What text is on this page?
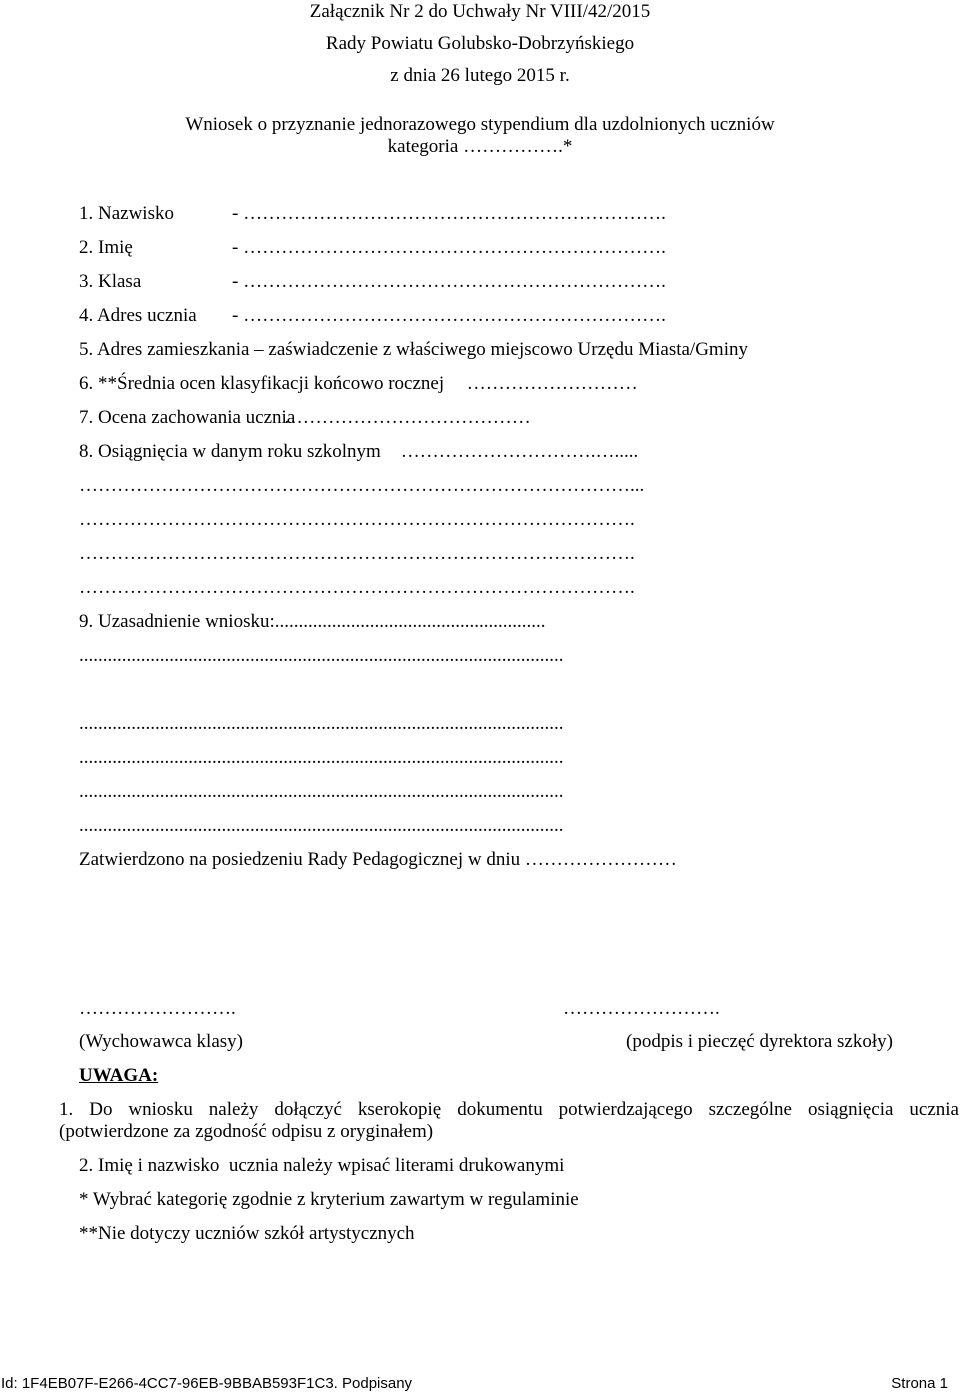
Załącznik Nr 2 do Uchwały Nr VIII/42/2015
Rady Powiatu Golubsko-Dobrzyńskiego
z dnia 26 lutego 2015 r.
Wniosek o przyznanie jednorazowego stypendium dla uzdolnionych uczniów
kategoria …………….*
1. Nazwisko	- ………………………………………………………….
2. Imię	- ………………………………………………………….
3. Klasa	- ………………………………………………………….
4. Adres ucznia - ………………………………………………………….
5. Adres zamieszkania – zaświadczenie z właściwego miejscowo Urzędu Miasta/Gminy
6. **Średnia ocen klasyfikacji końcowo rocznej ………………………
7. Ocena zachowania ucznia
…………………………………
8. Osiągnięcia w danym roku szkolnym ………………………….….....
……………………………………………………………………………...
…………………………………………………………………………….
…………………………………………………………………………….
…………………………………………………………………………….
9. Uzasadnienie wniosku:.........................................................
......................................................................................................
......................................................................................................
......................................................................................................
......................................................................................................
......................................................................................................
Zatwierdzono na posiedzeniu Rady Pedagogicznej w dniu ……………………
…………………….	…………………….
(Wychowawca klasy)	(podpis i pieczęć dyrektora szkoły)
UWAGA:
1. Do wniosku należy dołączyć kserokopię dokumentu potwierdzającego szczególne osiągnięcia ucznia (potwierdzone za zgodność odpisu z oryginałem)
2. Imię i nazwisko  ucznia należy wpisać literami drukowanymi
* Wybrać kategorię zgodnie z kryterium zawartym w regulaminie
**Nie dotyczy uczniów szkół artystycznych
Id: 1F4EB07F-E266-4CC7-96EB-9BBAB593F1C3. Podpisany	Strona 1
